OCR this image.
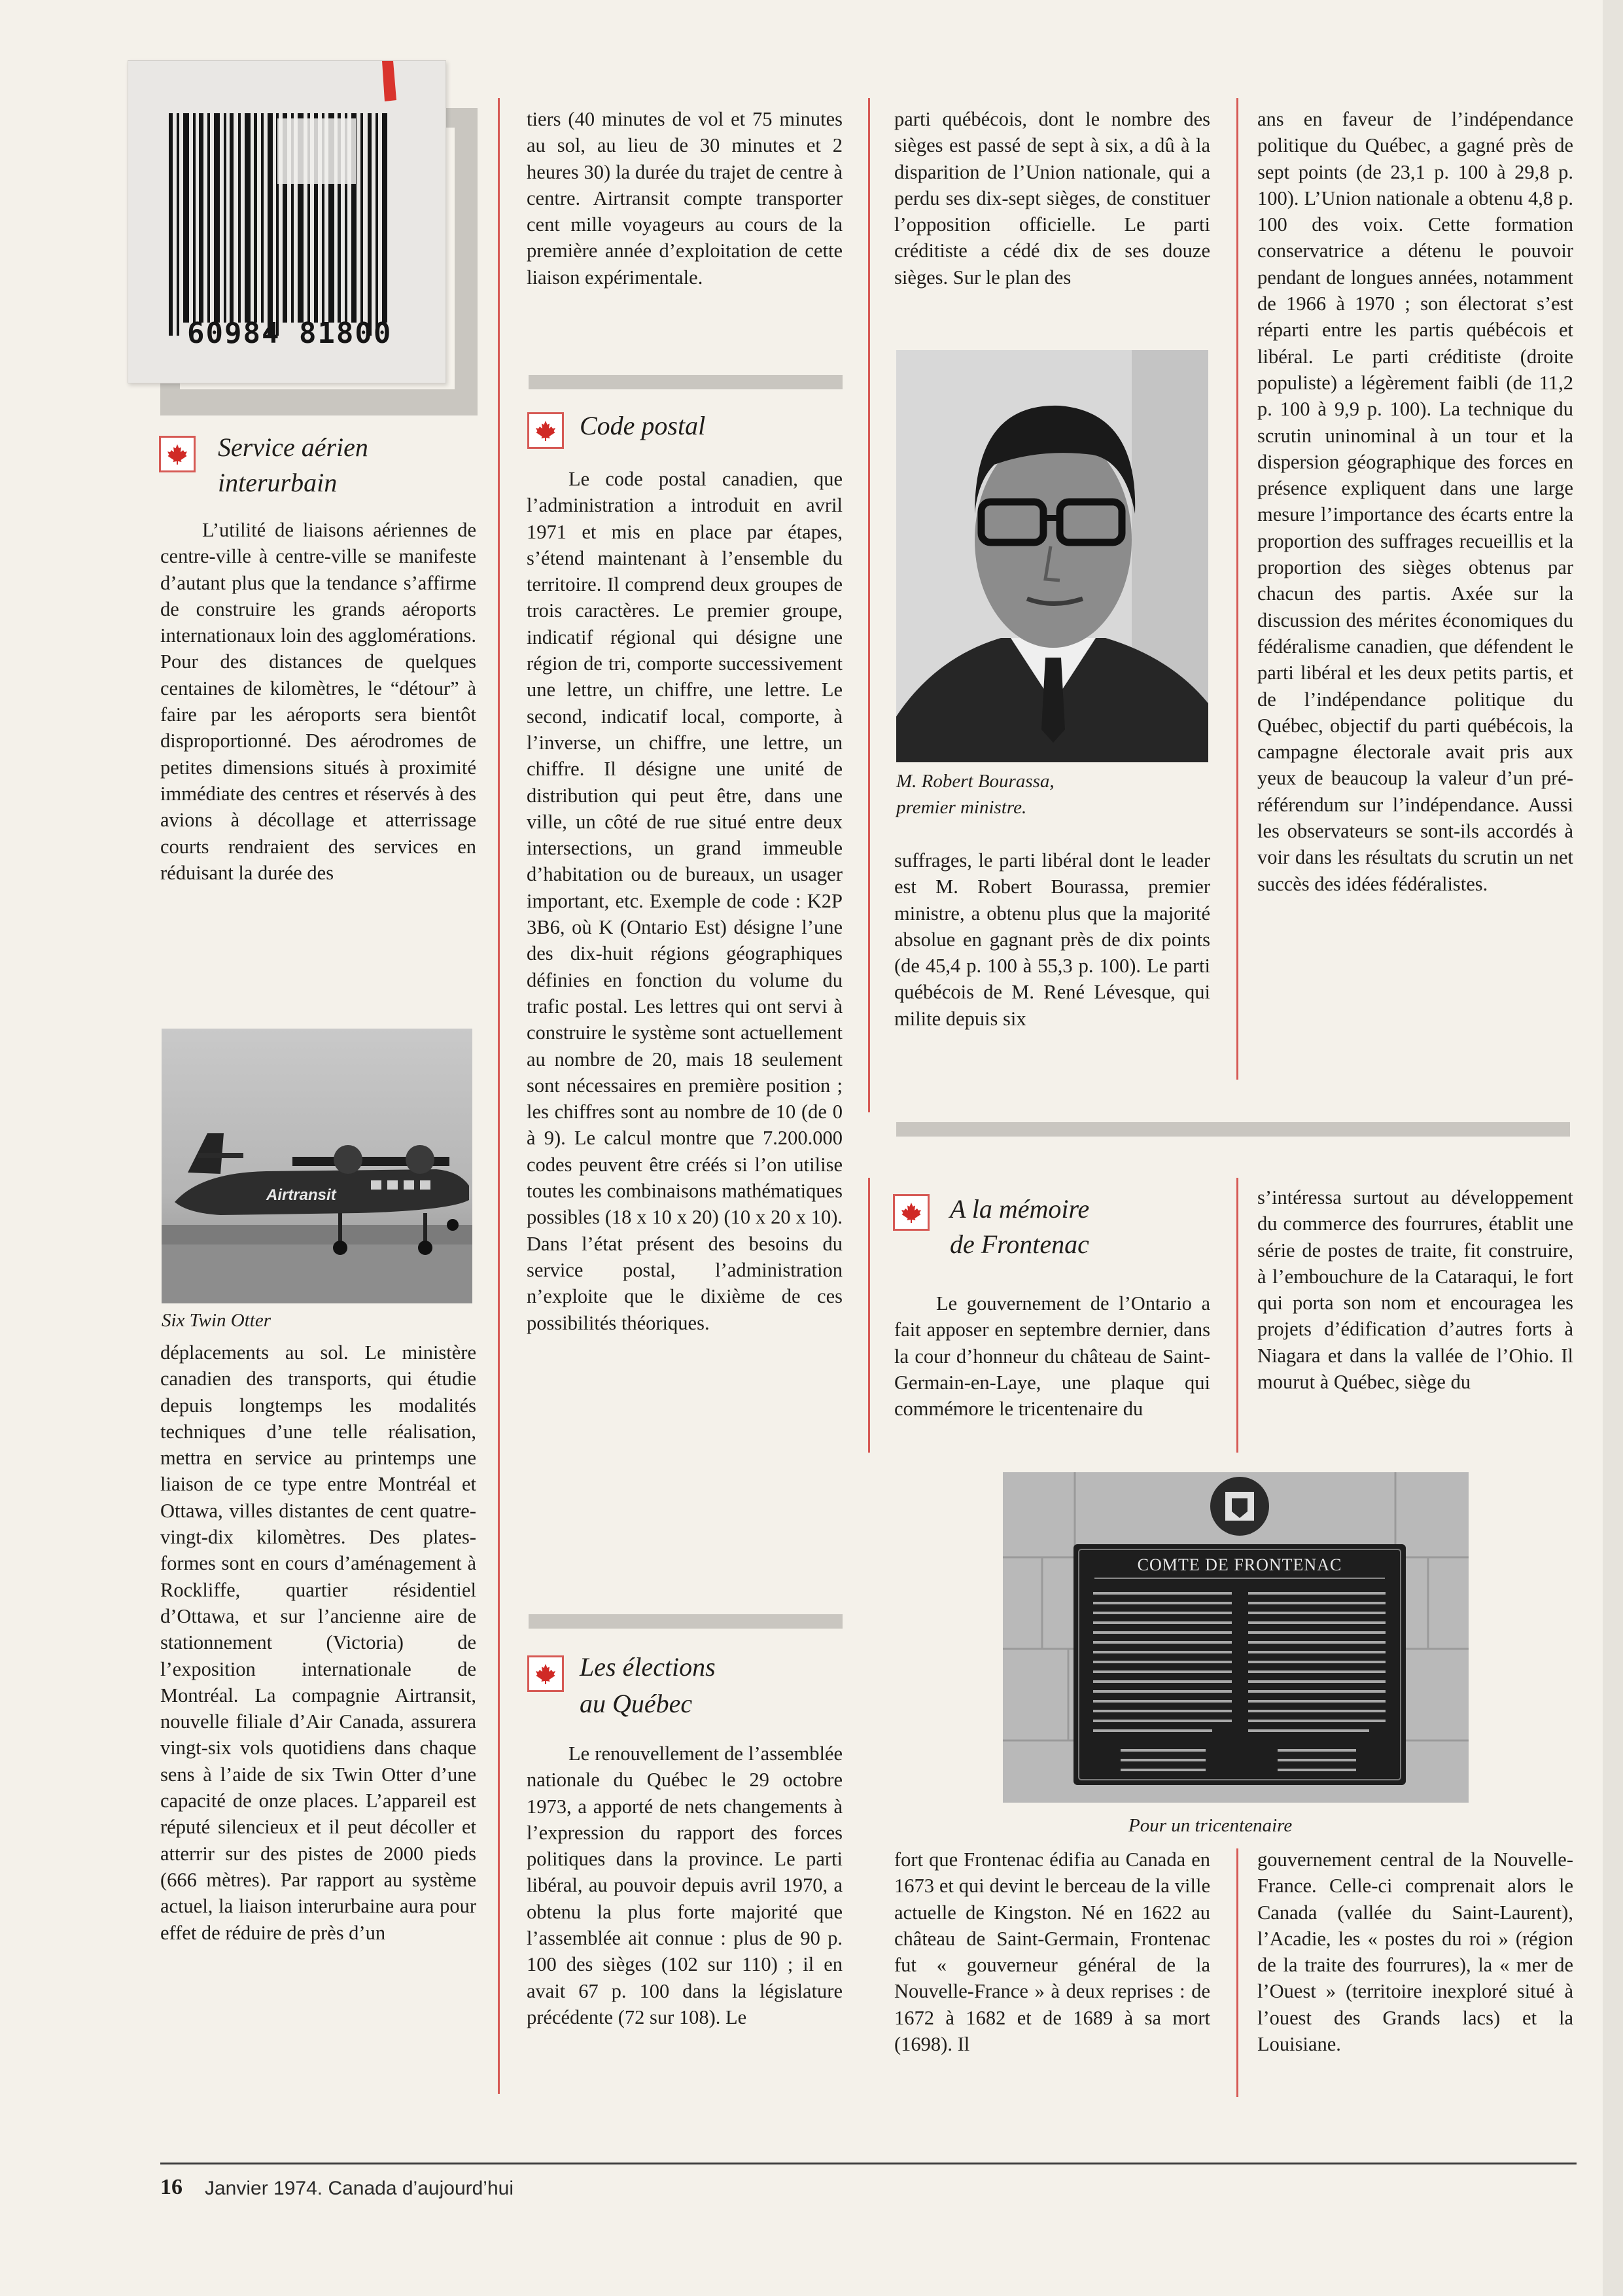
60984 81800
Service aérien
interurbain

L’utilité de liaisons aériennes de centre-ville à centre-ville se manifeste d’autant plus que la tendance s’affirme de construire les grands aéroports internationaux loin des agglomérations. Pour des distances de quelques centaines de kilomètres, le “détour” à faire par les aéroports sera bientôt disproportionné. Des aérodromes de petites dimensions situés à proximité immédiate des centres et réservés à des avions à décollage et atterrissage courts rendraient des services en réduisant la durée des

Airtransit
Six Twin Otter

déplacements au sol. Le ministère canadien des transports, qui étudie depuis longtemps les modalités techniques d’une telle réalisation, mettra en service au printemps une liaison de ce type entre Montréal et Ottawa, villes distantes de cent quatre-vingt-dix kilomètres. Des plates-formes sont en cours d’aménagement à Rockliffe, quartier résidentiel d’Ottawa, et sur l’ancienne aire de stationnement (Victoria) de l’exposition internationale de Montréal. La compagnie Airtransit, nouvelle filiale d’Air Canada, assurera vingt-six vols quotidiens dans chaque sens à l’aide de six Twin Otter d’une capacité de onze places. L’appareil est réputé silencieux et il peut décoller et atterrir sur des pistes de 2000 pieds (666 mètres). Par rapport au système actuel, la liaison interurbaine aura pour effet de réduire de près d’un

tiers (40 minutes de vol et 75 minutes au sol, au lieu de 30 minutes et 2 heures 30) la durée du trajet de centre à centre. Airtransit compte transporter cent mille voyageurs au cours de la première année d’exploitation de cette liaison expérimentale.

Code postal

Le code postal canadien, que l’administration a introduit en avril 1971 et mis en place par étapes, s’étend maintenant à l’ensemble du territoire. Il comprend deux groupes de trois caractères. Le premier groupe, indicatif régional qui désigne une région de tri, comporte successivement une lettre, un chiffre, une lettre. Le second, indicatif local, comporte, à l’inverse, un chiffre, une lettre, un chiffre. Il désigne une unité de distribution qui peut être, dans une ville, un côté de rue situé entre deux intersections, un grand immeuble d’habitation ou de bureaux, un usager important, etc. Exemple de code : K2P 3B6, où K (Ontario Est) désigne l’une des dix-huit régions géographiques définies en fonction du volume du trafic postal. Les lettres qui ont servi à construire le système sont actuellement au nombre de 20, mais 18 seulement sont nécessaires en première position ; les chiffres sont au nombre de 10 (de 0 à 9). Le calcul montre que 7.200.000 codes peuvent être créés si l’on utilise toutes les combinaisons mathématiques possibles (18 x 10 x 20) (10 x 20 x 10). Dans l’état présent des besoins du service postal, l’administration n’exploite que le dixième de ces possibilités théoriques.

Les élections
au Québec

Le renouvellement de l’assemblée nationale du Québec le 29 octobre 1973, a apporté de nets changements à l’expression du rapport des forces politiques dans la province. Le parti libéral, au pouvoir depuis avril 1970, a obtenu la plus forte majorité que l’assemblée ait connue : plus de 90 p. 100 des sièges (102 sur 110) ; il en avait 67 p. 100 dans la législature précédente (72 sur 108). Le

parti québécois, dont le nombre des sièges est passé de sept à six, a dû à la disparition de l’Union nationale, qui a perdu ses dix-sept sièges, de constituer l’opposition officielle. Le parti créditiste a cédé dix de ses douze sièges. Sur le plan des

M. Robert Bourassa,
premier ministre.

suffrages, le parti libéral dont le leader est M. Robert Bourassa, premier ministre, a obtenu plus que la majorité absolue en gagnant près de dix points (de 45,4 p. 100 à 55,3 p. 100). Le parti québécois de M. René Lévesque, qui milite depuis six

ans en faveur de l’indépendance politique du Québec, a gagné près de sept points (de 23,1 p. 100 à 29,8 p. 100). L’Union nationale a obtenu 4,8 p. 100 des voix. Cette formation conservatrice a détenu le pouvoir pendant de longues années, notamment de 1966 à 1970 ; son électorat s’est réparti entre les partis québécois et libéral. Le parti créditiste (droite populiste) a légèrement faibli (de 11,2 p. 100 à 9,9 p. 100). La technique du scrutin uninominal à un tour et la dispersion géographique des forces en présence expliquent dans une large mesure l’importance des écarts entre la proportion des suffrages recueillis et la proportion des sièges obtenus par chacun des partis. Axée sur la discussion des mérites économiques du fédéralisme canadien, que défendent le parti libéral et les deux petits partis, et de l’indépendance politique du Québec, objectif du parti québécois, la campagne électorale avait pris aux yeux de beaucoup la valeur d’un pré-référendum sur l’indépendance. Aussi les observateurs se sont-ils accordés à voir dans les résultats du scrutin un net succès des idées fédéralistes.

A la mémoire
de Frontenac

Le gouvernement de l’Ontario a fait apposer en septembre dernier, dans la cour d’honneur du château de Saint-Germain-en-Laye, une plaque qui commémore le tricentenaire du

s’intéressa surtout au développement du commerce des fourrures, établit une série de postes de traite, fit construire, à l’embouchure de la Cataraqui, le fort qui porta son nom et encouragea les projets d’édification d’autres forts à Niagara et dans la vallée de l’Ohio. Il mourut à Québec, siège du

COMTE DE FRONTENAC
Pour un tricentenaire

fort que Frontenac édifia au Canada en 1673 et qui devint le berceau de la ville actuelle de Kingston. Né en 1622 au château de Saint-Germain, Frontenac fut « gouverneur général de la Nouvelle-France » à deux reprises : de 1672 à 1682 et de 1689 à sa mort (1698). Il

gouvernement central de la Nouvelle-France. Celle-ci comprenait alors le Canada (vallée du Saint-Laurent), l’Acadie, les « postes du roi » (région de la traite des fourrures), la « mer de l’Ouest » (territoire inexploré situé à l’ouest des Grands lacs) et la Louisiane.

16 Janvier 1974. Canada d’aujourd’hui
